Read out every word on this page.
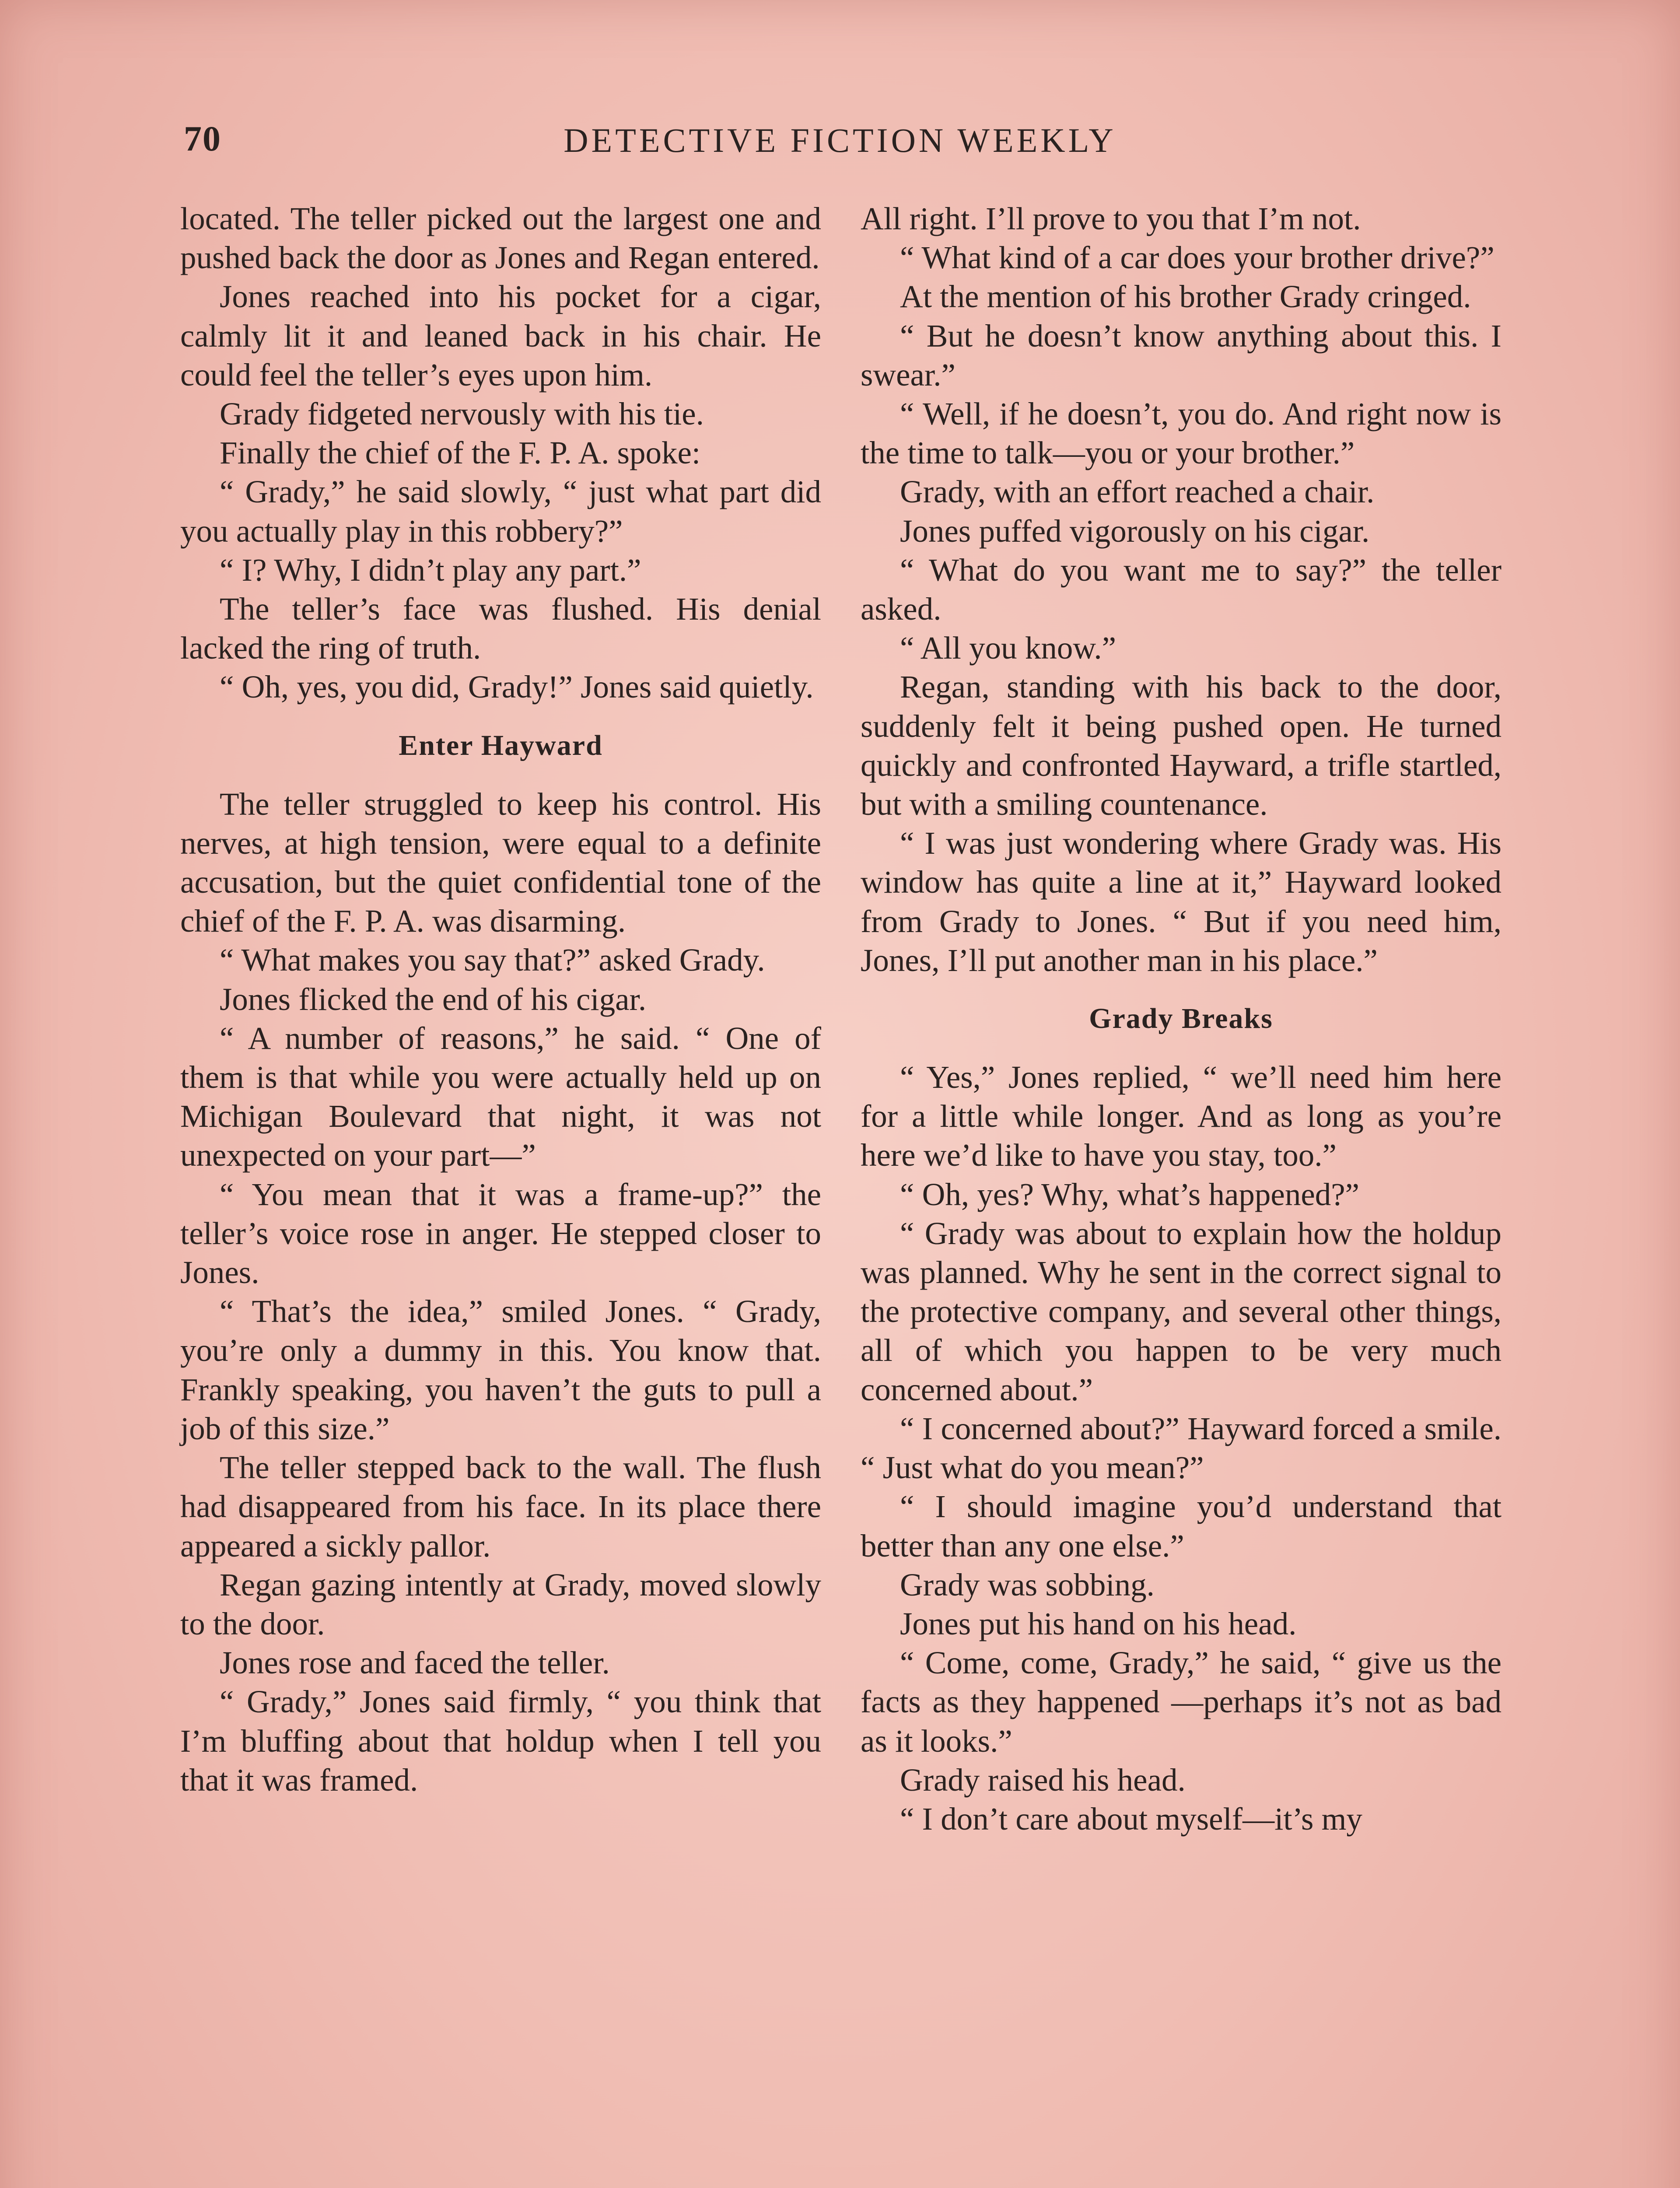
70	DETECTIVE FICTION WEEKLY

located. The teller picked out the largest one and pushed back the door as Jones and Regan entered.

Jones reached into his pocket for a cigar, calmly lit it and leaned back in his chair. He could feel the teller’s eyes upon him.

Grady fidgeted nervously with his tie.

Finally the chief of the F. P. A. spoke:

“ Grady,” he said slowly, “ just what part did you actually play in this robbery?”

“ I? Why, I didn’t play any part.”

The teller’s face was flushed. His denial lacked the ring of truth.

“ Oh, yes, you did, Grady!” Jones said quietly.

Enter Hayward

The teller struggled to keep his control. His nerves, at high tension, were equal to a definite accusation, but the quiet confidential tone of the chief of the F. P. A. was disarming.

“ What makes you say that?” asked Grady.

Jones flicked the end of his cigar.

“ A number of reasons,” he said. “ One of them is that while you were actually held up on Michigan Boulevard that night, it was not unexpected on your part—”

“ You mean that it was a frame-up?” the teller’s voice rose in anger. He stepped closer to Jones.

“ That’s the idea,” smiled Jones. “ Grady, you’re only a dummy in this. You know that. Frankly speaking, you haven’t the guts to pull a job of this size.”

The teller stepped back to the wall. The flush had disappeared from his face. In its place there appeared a sickly pallor.

Regan gazing intently at Grady, moved slowly to the door.

Jones rose and faced the teller.

“ Grady,” Jones said firmly, “ you think that I’m bluffing about that holdup when I tell you that it was framed.

All right. I’ll prove to you that I’m not.

“ What kind of a car does your brother drive?”

At the mention of his brother Grady cringed.

“ But he doesn’t know anything about this. I swear.”

“ Well, if he doesn’t, you do. And right now is the time to talk—you or your brother.”

Grady, with an effort reached a chair.

Jones puffed vigorously on his cigar.

“ What do you want me to say?” the teller asked.

“ All you know.”

Regan, standing with his back to the door, suddenly felt it being pushed open. He turned quickly and confronted Hayward, a trifle startled, but with a smiling countenance.

“ I was just wondering where Grady was. His window has quite a line at it,” Hayward looked from Grady to Jones. “ But if you need him, Jones, I’ll put another man in his place.”

Grady Breaks

“ Yes,” Jones replied, “ we’ll need him here for a little while longer. And as long as you’re here we’d like to have you stay, too.”

“ Oh, yes? Why, what’s happened?”

“ Grady was about to explain how the holdup was planned. Why he sent in the correct signal to the protective company, and several other things, all of which you happen to be very much concerned about.”

“ I concerned about?” Hayward forced a smile. “ Just what do you mean?”

“ I should imagine you’d understand that better than any one else.”

Grady was sobbing.

Jones put his hand on his head.

“ Come, come, Grady,” he said, “ give us the facts as they happened —perhaps it’s not as bad as it looks.”

Grady raised his head.

“ I don’t care about myself—it’s my
